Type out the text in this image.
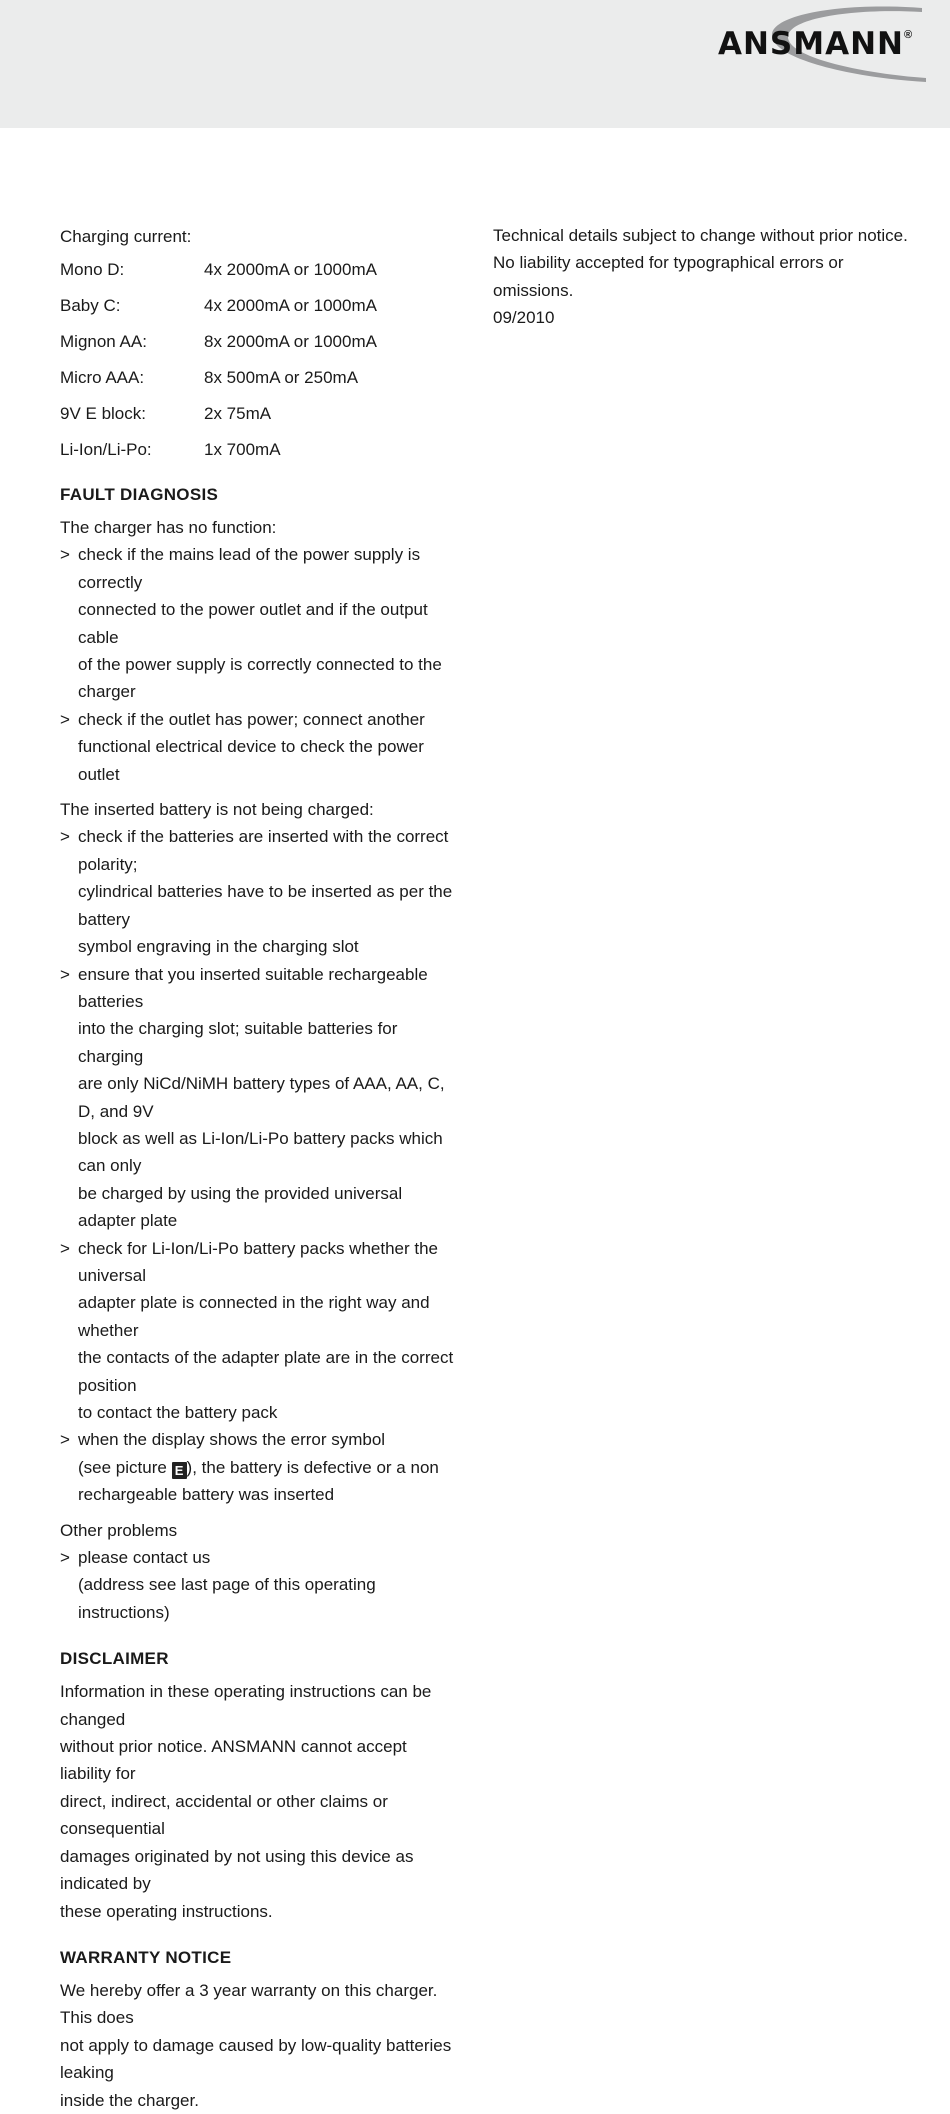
ANSMANN ®
Charging current:
Mono D:	4x 2000mA or 1000mA
Baby C:	4x 2000mA or 1000mA
Mignon AA:	8x 2000mA or 1000mA
Micro AAA:	8x 500mA or 250mA
9V E block:	2x 75mA
Li-Ion/Li-Po:	1x 700mA
FAULT DIAGNOSIS

The charger has no function:

> check if the mains lead of the power supply is correctly
connected to the power outlet and if the output cable
of the power supply is correctly connected to the charger
> check if the outlet has power; connect another
functional electrical device to check the power outlet

The inserted battery is not being charged:

> check if the batteries are inserted with the correct polarity;
cylindrical batteries have to be inserted as per the battery
symbol engraving in the charging slot
> ensure that you inserted suitable rechargeable batteries
into the charging slot; suitable batteries for charging
are only NiCd/NiMH battery types of AAA, AA, C, D, and 9V
block as well as Li-Ion/Li-Po battery packs which can only
be charged by using the provided universal adapter plate
> check for Li-Ion/Li-Po battery packs whether the universal
adapter plate is connected in the right way and whether
the contacts of the adapter plate are in the correct position
to contact the battery pack
> when the display shows the error symbol
(see picture E ), the battery is defective or a non
rechargeable battery was inserted

Other problems

> please contact us
(address see last page of this operating instructions)
DISCLAIMER
Information in these operating instructions can be changed
without prior notice. ANSMANN cannot accept liability for
direct, indirect, accidental or other claims or consequential
damages originated by not using this device as indicated by
these operating instructions.
WARRANTY NOTICE
We hereby offer a 3 year warranty on this charger. This does
not apply to damage caused by low-quality batteries leaking
inside the charger.
Technical details subject to change without prior notice.
No liability accepted for typographical errors or omissions.
09/2010
